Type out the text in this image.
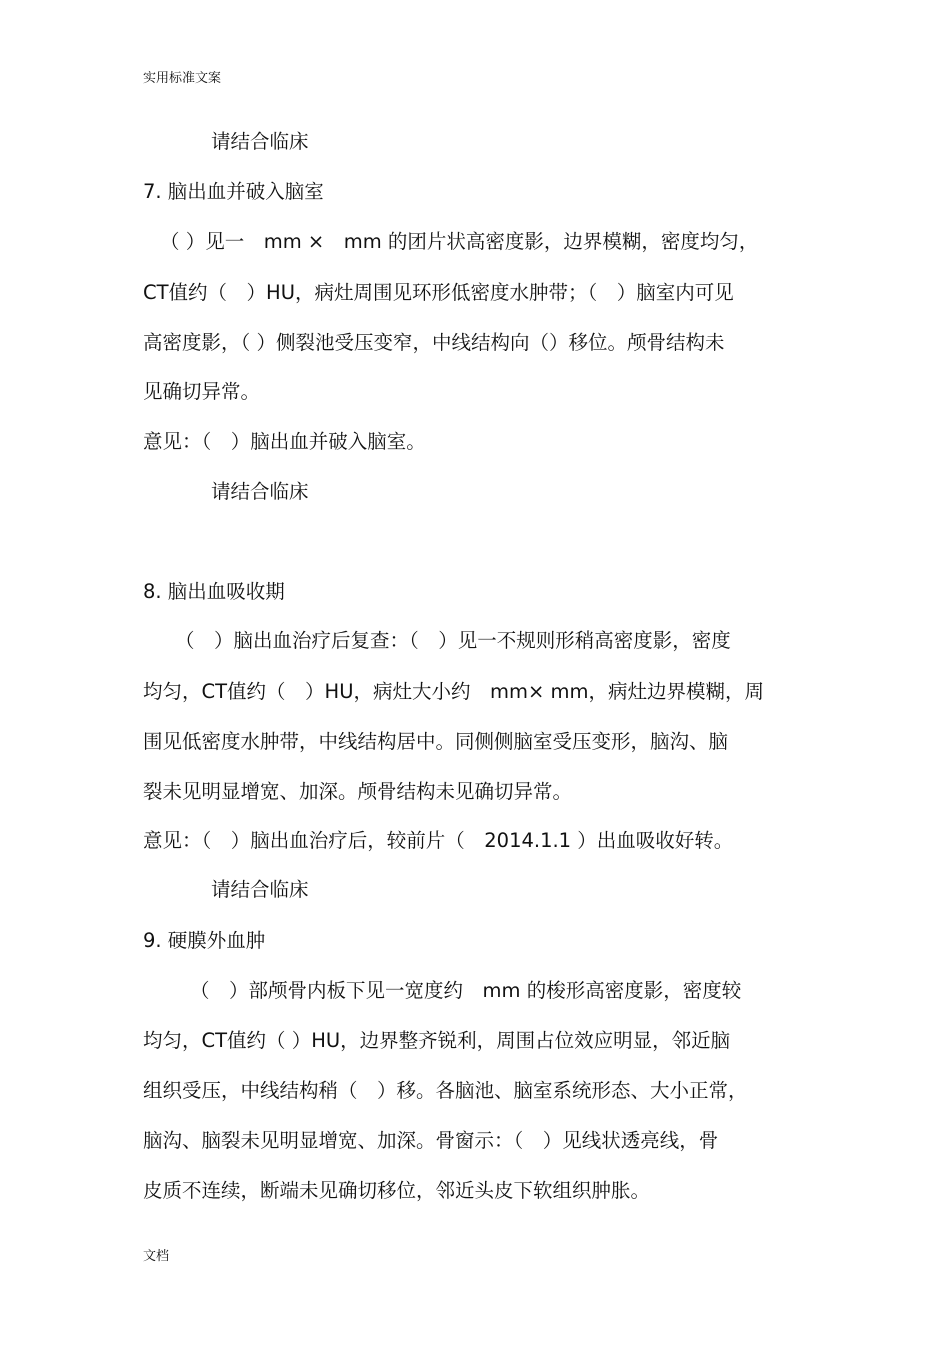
实用标准文案
请结合临床
7. 脑出血并破入脑室
（ ）见一　mm ×　mm 的团片状高密度影，边界模糊，密度均匀，
CT值约（　）HU，病灶周围见环形低密度水肿带；（　）脑室内可见
高密度影，（ ）侧裂池受压变窄，中线结构向（）移位。颅骨结构未
见确切异常。
意见：（　）脑出血并破入脑室。
请结合临床
8. 脑出血吸收期
（　）脑出血治疗后复查：（　）见一不规则形稍高密度影，密度
均匀，CT值约（　）HU，病灶大小约　mm× mm，病灶边界模糊，周
围见低密度水肿带，中线结构居中。同侧侧脑室受压变形，脑沟、脑
裂未见明显增宽、加深。颅骨结构未见确切异常。
意见：（　）脑出血治疗后，较前片（　2014.1.1 ）出血吸收好转。
请结合临床
9. 硬膜外血肿
（　）部颅骨内板下见一宽度约　mm 的梭形高密度影，密度较
均匀，CT值约（ ）HU，边界整齐锐利，周围占位效应明显，邻近脑
组织受压，中线结构稍（　）移。各脑池、脑室系统形态、大小正常，
脑沟、脑裂未见明显增宽、加深。骨窗示：（　）见线状透亮线，骨
皮质不连续，断端未见确切移位，邻近头皮下软组织肿胀。
文档
